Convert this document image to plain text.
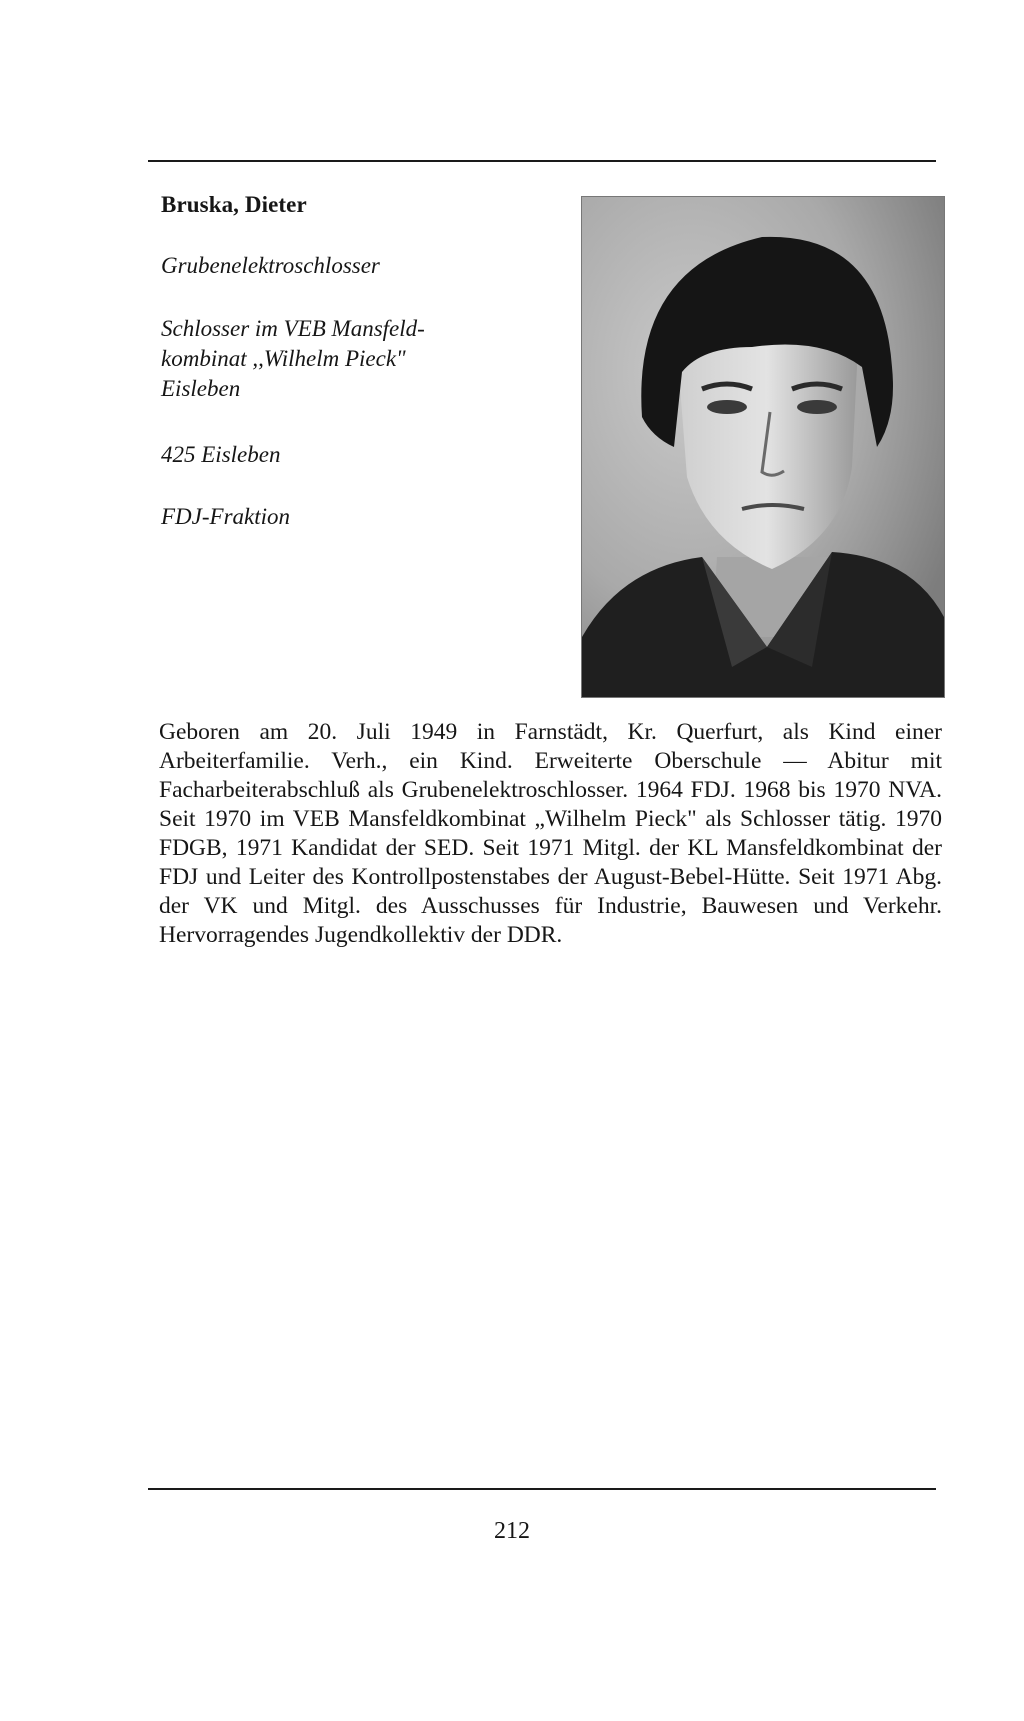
Bruska, Dieter
Grubenelektroschlosser
Schlosser im VEB Mansfeld-
kombinat ,,Wilhelm Pieck"
Eisleben
425 Eisleben
FDJ-Fraktion
Geboren am 20. Juli 1949 in Farnstädt, Kr. Querfurt, als Kind einer Arbeiterfamilie. Verh., ein Kind. Erweiterte Oberschule — Abitur mit Facharbeiterabschluß als Grubenelektroschlosser. 1964 FDJ. 1968 bis 1970 NVA. Seit 1970 im VEB Mansfeldkombinat „Wilhelm Pieck" als Schlosser tätig. 1970 FDGB, 1971 Kandidat der SED. Seit 1971 Mitgl. der KL Mansfeldkombinat der FDJ und Leiter des Kontrollpostenstabes der August-Bebel-Hütte. Seit 1971 Abg. der VK und Mitgl. des Ausschusses für Industrie, Bauwesen und Verkehr. Hervorragendes Jugendkollektiv der DDR.
212
